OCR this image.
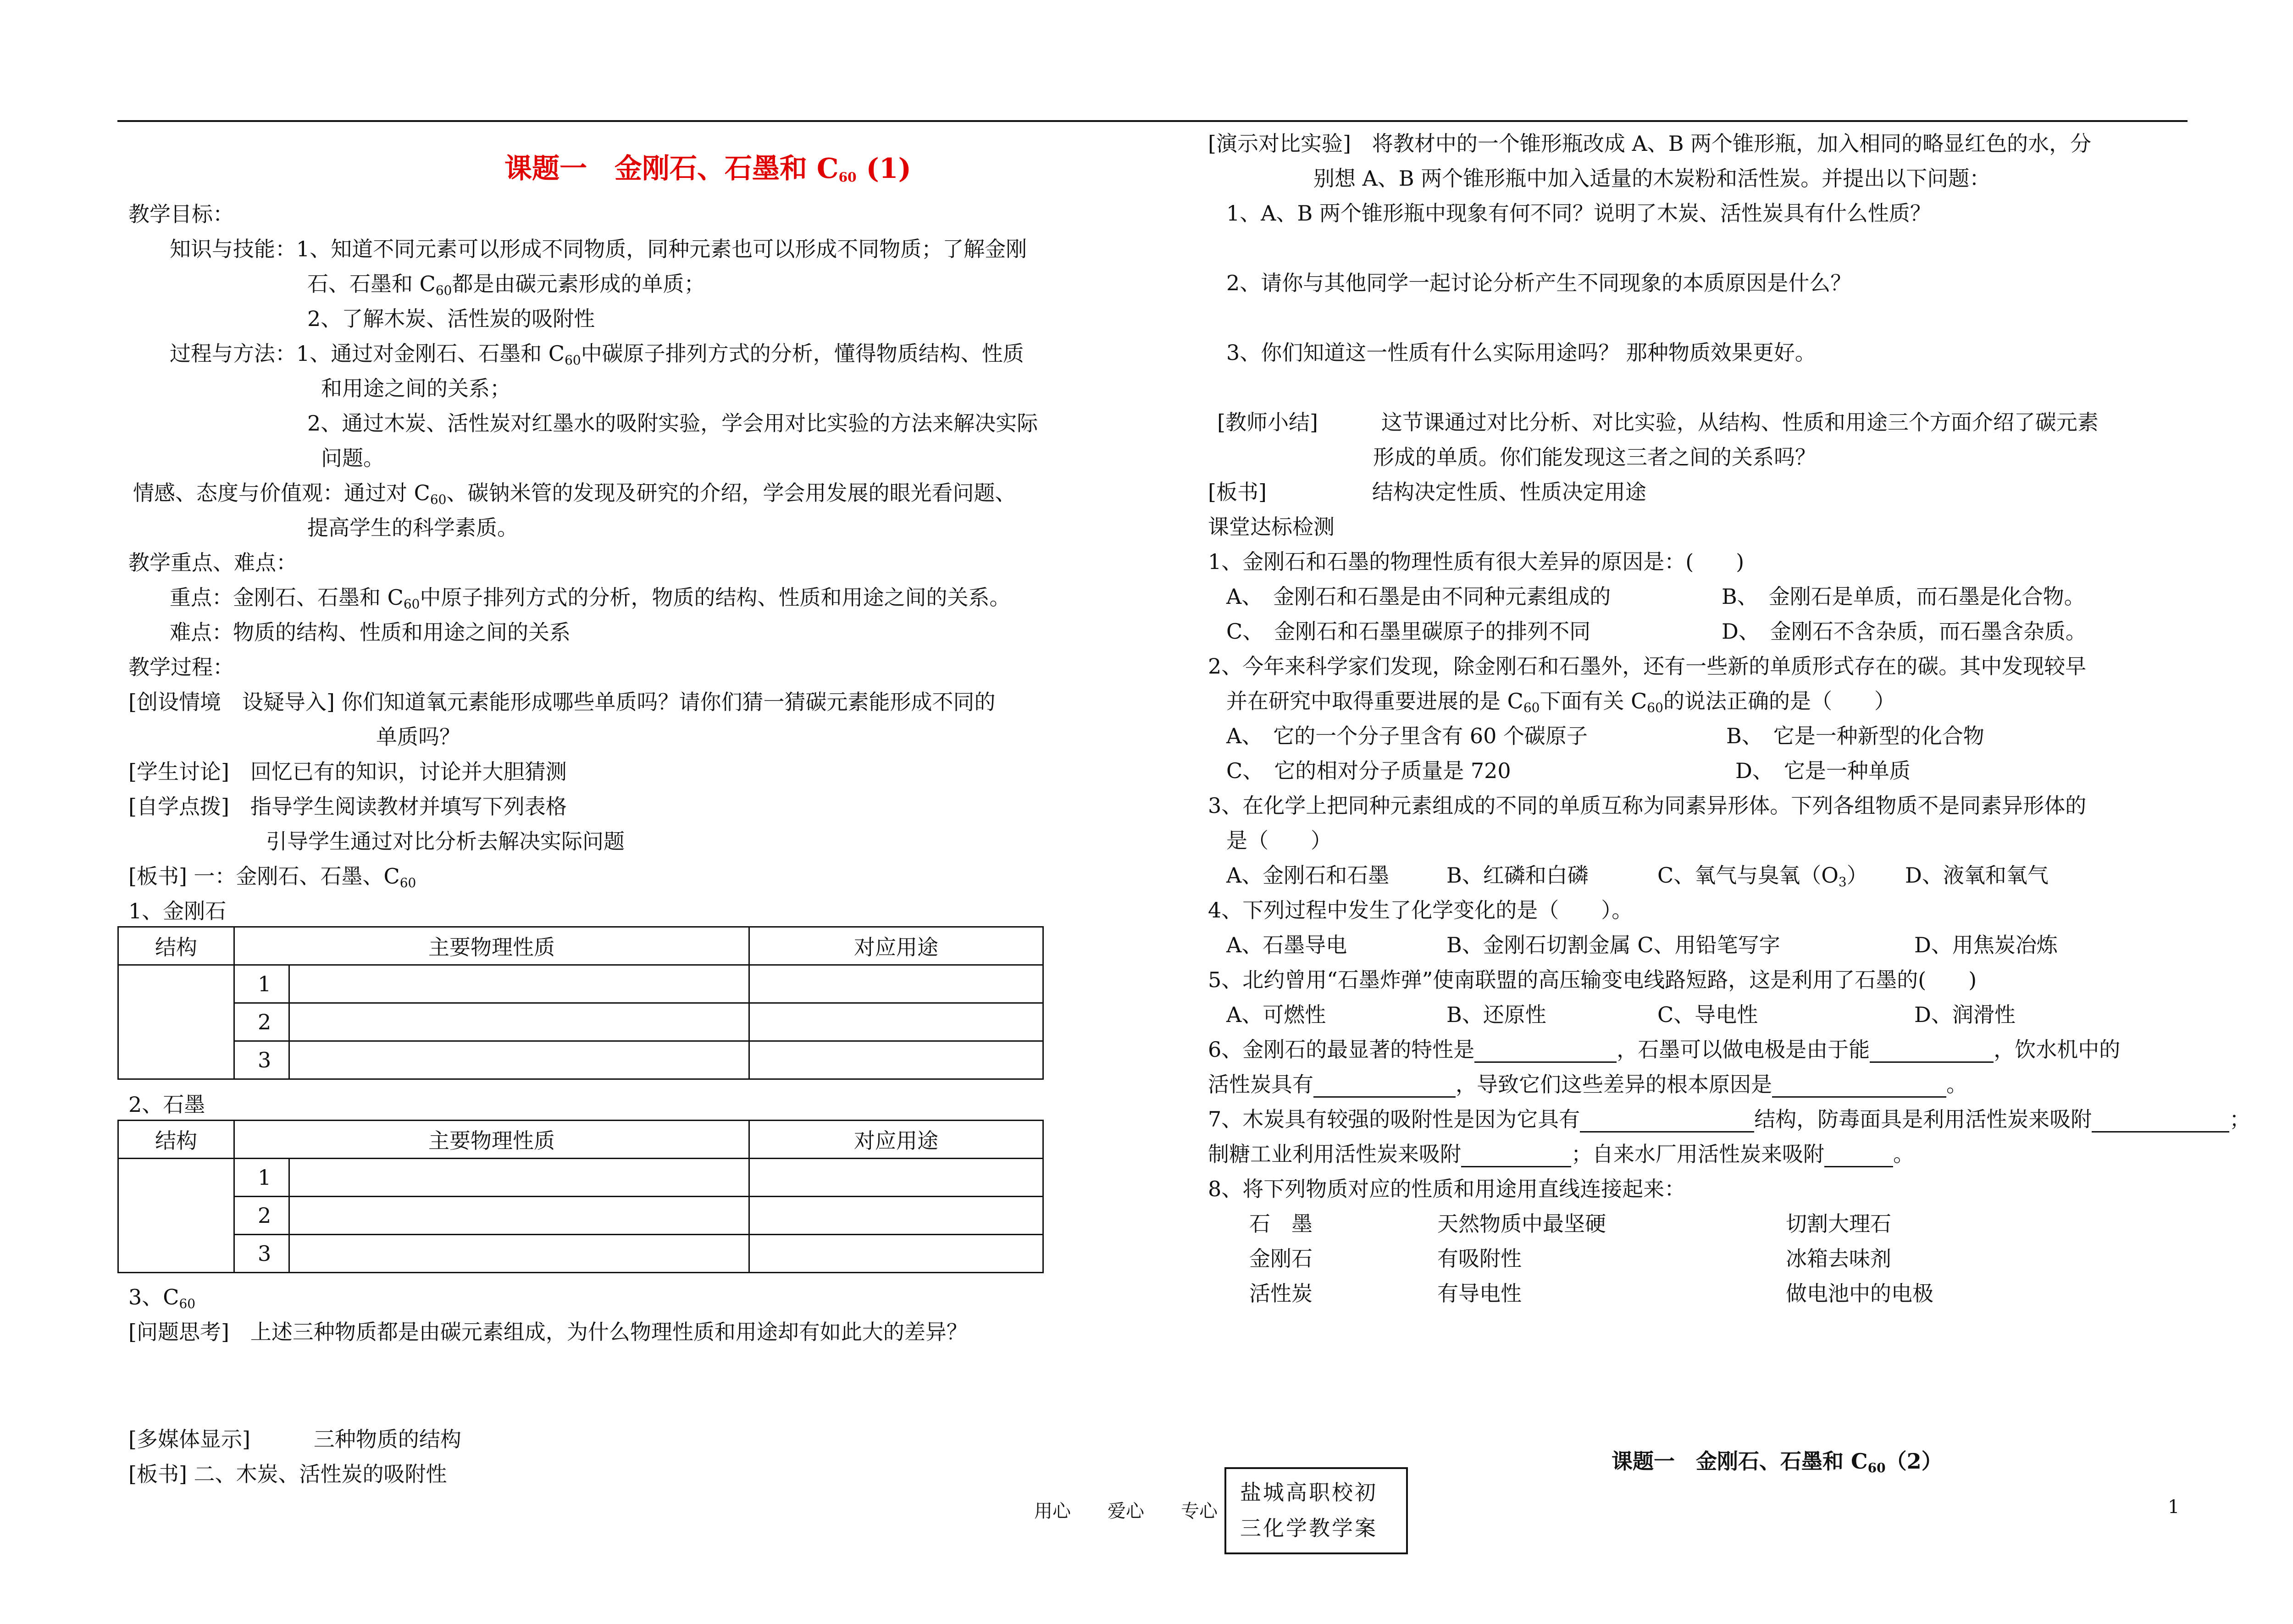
课题一　金刚石、石墨和 $C_{60}$ (1)
教学目标：
知识与技能：1、知道不同元素可以形成不同物质，同种元素也可以形成不同物质；了解金刚
石、石墨和 $C_{60}$都是由碳元素形成的单质；
2、了解木炭、活性炭的吸附性
过程与方法：1、通过对金刚石、石墨和 $C_{60}$中碳原子排列方式的分析，懂得物质结构、性质
和用途之间的关系；
2、通过木炭、活性炭对红墨水的吸附实验，学会用对比实验的方法来解决实际
问题。
情感、态度与价值观：通过对 $C_{60}$、碳钠米管的发现及研究的介绍，学会用发展的眼光看问题、
提高学生的科学素质。
教学重点、难点：
重点：金刚石、石墨和 $C_{60}$中原子排列方式的分析，物质的结构、性质和用途之间的关系。
难点：物质的结构、性质和用途之间的关系
教学过程：
[创设情境　设疑导入] 你们知道氧元素能形成哪些单质吗？请你们猜一猜碳元素能形成不同的
单质吗？
[学生讨论]　回忆已有的知识，讨论并大胆猜测
[自学点拨]　指导学生阅读教材并填写下列表格
引导学生通过对比分析去解决实际问题
[板书] 一：金刚石、石墨、$C_{60}$
1、金刚石
结构	主要物理性质		对应用途
	1		
	2		
	3		
2、石墨
结构	主要物理性质		对应用途
	1		
	2		
	3		
3、$C_{60}$
[问题思考]　上述三种物质都是由碳元素组成，为什么物理性质和用途却有如此大的差异？
[多媒体显示]　　　三种物质的结构
[板书] 二、木炭、活性炭的吸附性
[演示对比实验]　将教材中的一个锥形瓶改成 A、B 两个锥形瓶，加入相同的略显红色的水，分
别想 A、B 两个锥形瓶中加入适量的木炭粉和活性炭。并提出以下问题：
1、A、B 两个锥形瓶中现象有何不同？说明了木炭、活性炭具有什么性质？
2、请你与其他同学一起讨论分析产生不同现象的本质原因是什么？
3、你们知道这一性质有什么实际用途吗？ 那种物质效果更好。
[教师小结]　　　这节课通过对比分析、对比实验，从结构、性质和用途三个方面介绍了碳元素
形成的单质。你们能发现这三者之间的关系吗？
[板书]　　　　　结构决定性质、性质决定用途
课堂达标检测
1、金刚石和石墨的物理性质有很大差异的原因是：(　　)
A、　金刚石和石墨是由不同种元素组成的	B、　金刚石是单质，而石墨是化合物。
C、　金刚石和石墨里碳原子的排列不同	D、　金刚石不含杂质，而石墨含杂质。
2、今年来科学家们发现，除金刚石和石墨外，还有一些新的单质形式存在的碳。其中发现较早
并在研究中取得重要进展的是 $C_{60}$下面有关 $C_{60}$的说法正确的是（　　）
A、　它的一个分子里含有 60 个碳原子	B、　它是一种新型的化合物
C、　它的相对分子质量是 720	D、　它是一种单质
3、在化学上把同种元素组成的不同的单质互称为同素异形体。下列各组物质不是同素异形体的
是（　　）
A、金刚石和石墨	B、红磷和白磷	C、氧气与臭氧$(O_3)$ D、液氧和氧气
4、下列过程中发生了化学变化的是（　　）。
A、石墨导电	B、金刚石切割金属 C、用铅笔写字	D、用焦炭冶炼
5、北约曾用“石墨炸弹”使南联盟的高压输变电线路短路，这是利用了石墨的(　　)
A、可燃性	B、还原性	C、导电性	D、润滑性
6、金刚石的最显著的特性是	，石墨可以做电极是由于能	，饮水机中的
活性炭具有	，导致它们这些差异的根本原因是	。
7、木炭具有较强的吸附性是因为它具有	结构，防毒面具是利用活性炭来吸附	；
制糖工业利用活性炭来吸附	；自来水厂用活性炭来吸附	。
8、将下列物质对应的性质和用途用直线连接起来：
石　墨	天然物质中最坚硬	切割大理石
金刚石	有吸附性	冰箱去味剂
活性炭	有导电性	做电池中的电极
课题一　金刚石、石墨和 $C_{60}(2)$
用心　　爱心　　专心	1
盐城高职校初
三化学教学案
